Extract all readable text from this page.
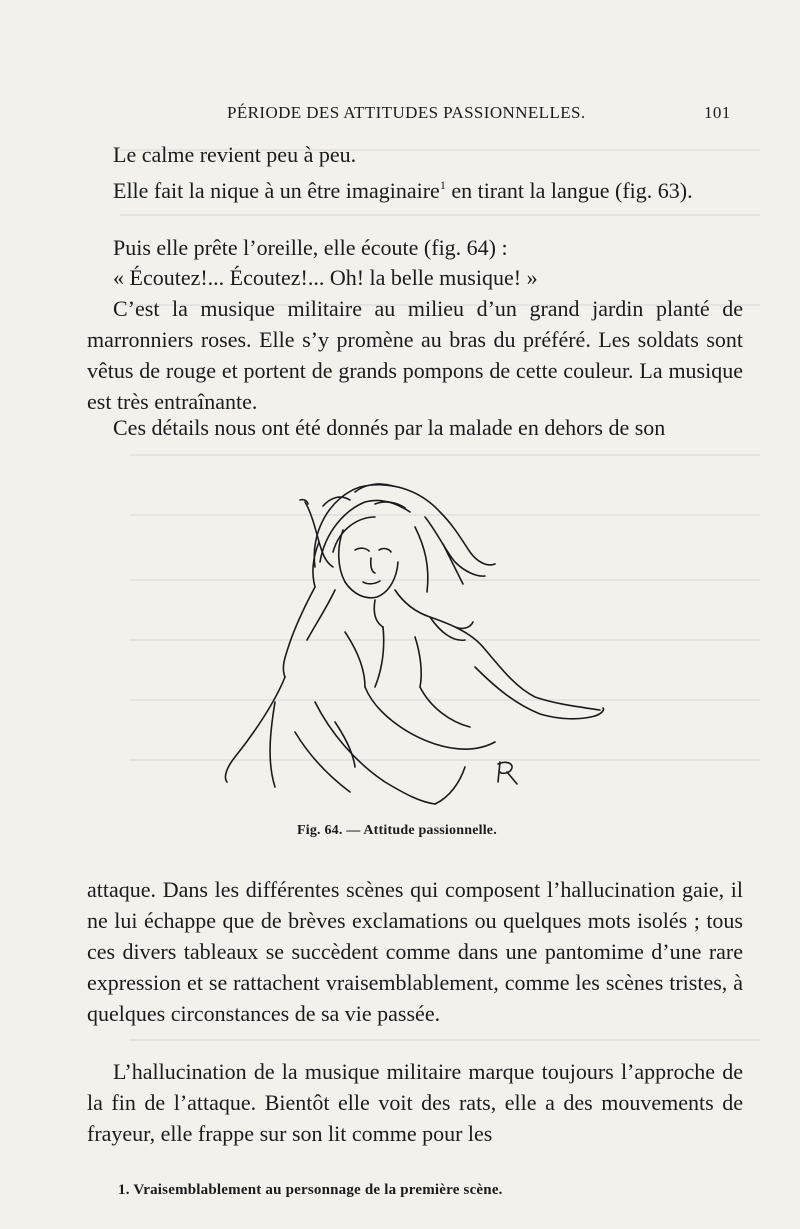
PÉRIODE DES ATTITUDES PASSIONNELLES.	101

Le calme revient peu à peu.

Elle fait la nique à un être imaginaire$^1$ en tirant la langue (fig. 63).

Puis elle prête l’oreille, elle écoute (fig. 64) :

« Écoutez!... Écoutez!... Oh! la belle musique! »

C’est la musique militaire au milieu d’un grand jardin planté de marronniers roses. Elle s’y promène au bras du préféré. Les soldats sont vêtus de rouge et portent de grands pompons de cette couleur. La musique est très entraînante.

Ces détails nous ont été donnés par la malade en dehors de son

Fig. 64. — Attitude passionnelle.

attaque. Dans les différentes scènes qui composent l’hallucination gaie, il ne lui échappe que de brèves exclamations ou quelques mots isolés ; tous ces divers tableaux se succèdent comme dans une pantomime d’une rare expression et se rattachent vraisemblablement, comme les scènes tristes, à quelques circonstances de sa vie passée.

L’hallucination de la musique militaire marque toujours l’approche de la fin de l’attaque. Bientôt elle voit des rats, elle a des mouvements de frayeur, elle frappe sur son lit comme pour les

1. Vraisemblablement au personnage de la première scène.
